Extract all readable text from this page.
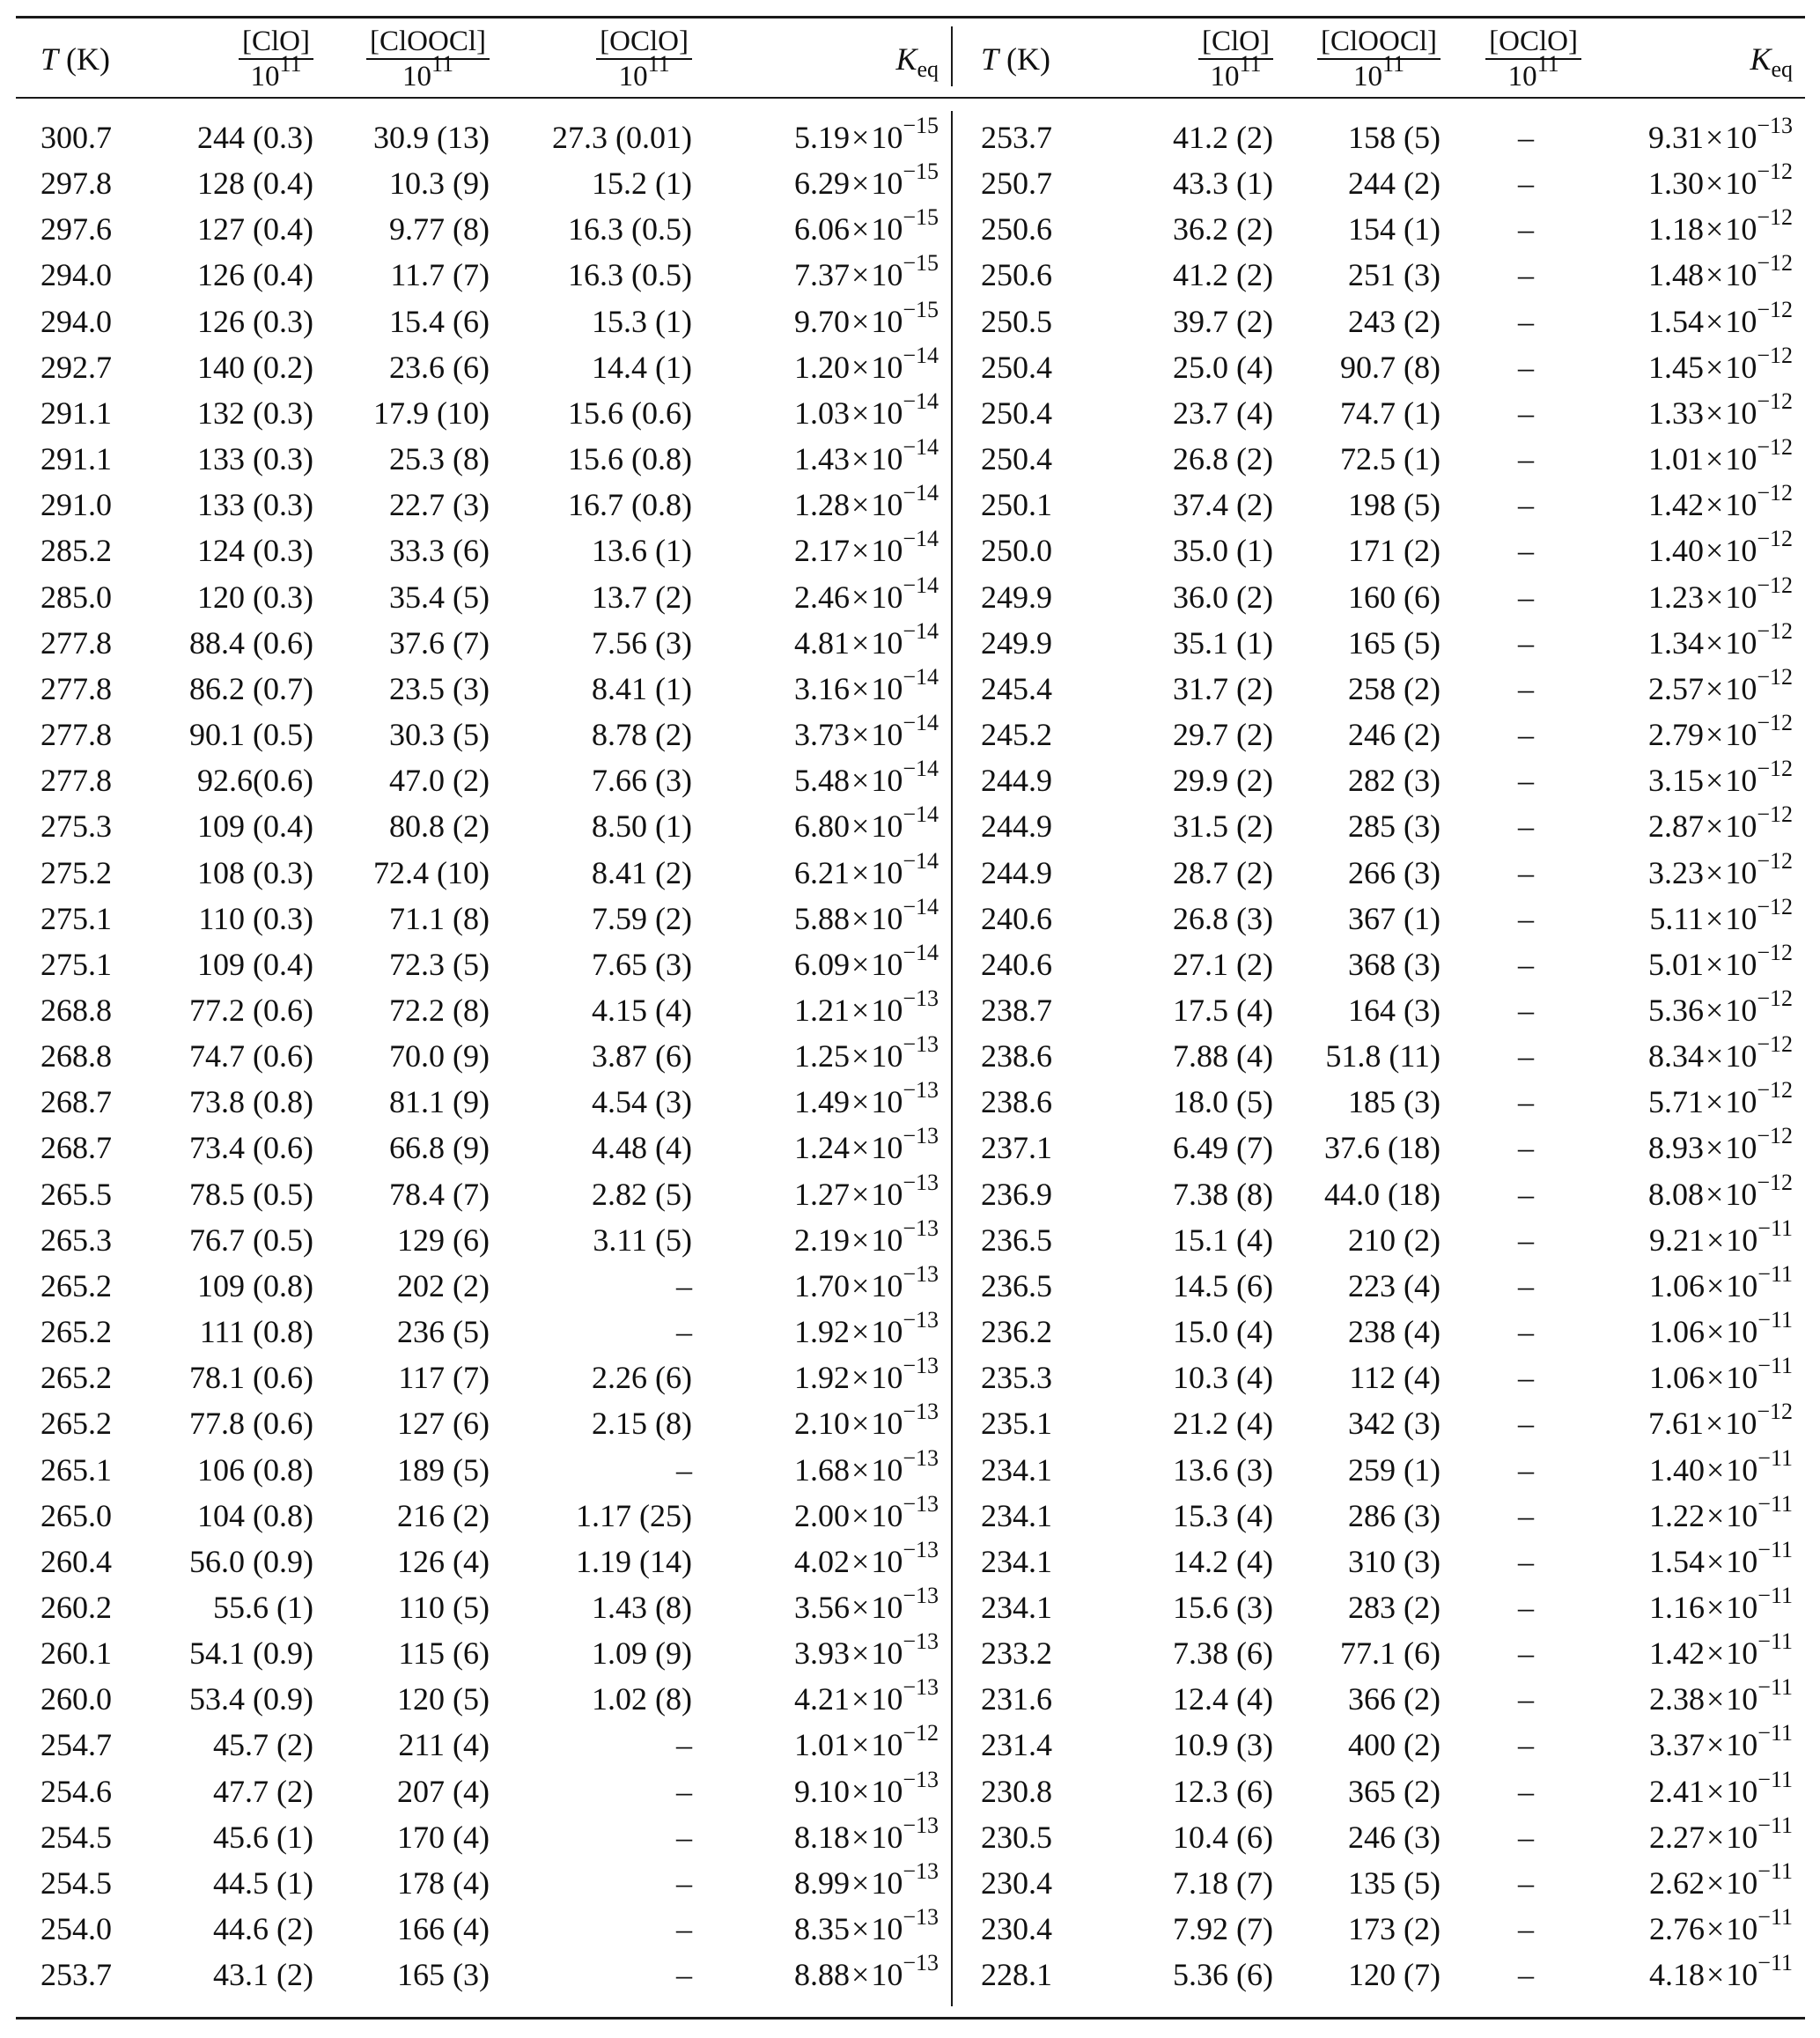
T (K)	$\frac{\text{[ClO]}}{10^{11}}$	$\frac{\text{[ClOOCl]}}{10^{11}}$	$\frac{\text{[OClO]}}{10^{11}}$	$K_{eq}$	T (K)	$\frac{\text{[ClO]}}{10^{11}}$	$\frac{\text{[ClOOCl]}}{10^{11}}$	$\frac{\text{[OClO]}}{10^{11}}$	$K_{eq}$

300.7	244 (0.3)	30.9 (13)	27.3 (0.01)	$5.19\times 10^{-15}$	253.7	41.2 (2)	158 (5)	–	$9.31\times 10^{-13}$
297.8	128 (0.4)	10.3 (9)	15.2 (1)	$6.29\times 10^{-15}$	250.7	43.3 (1)	244 (2)	–	$1.30\times 10^{-12}$
297.6	127 (0.4)	9.77 (8)	16.3 (0.5)	$6.06\times 10^{-15}$	250.6	36.2 (2)	154 (1)	–	$1.18\times 10^{-12}$
294.0	126 (0.4)	11.7 (7)	16.3 (0.5)	$7.37\times 10^{-15}$	250.6	41.2 (2)	251 (3)	–	$1.48\times 10^{-12}$
294.0	126 (0.3)	15.4 (6)	15.3 (1)	$9.70\times 10^{-15}$	250.5	39.7 (2)	243 (2)	–	$1.54\times 10^{-12}$
292.7	140 (0.2)	23.6 (6)	14.4 (1)	$1.20\times 10^{-14}$	250.4	25.0 (4)	90.7 (8)	–	$1.45\times 10^{-12}$
291.1	132 (0.3)	17.9 (10)	15.6 (0.6)	$1.03\times 10^{-14}$	250.4	23.7 (4)	74.7 (1)	–	$1.33\times 10^{-12}$
291.1	133 (0.3)	25.3 (8)	15.6 (0.8)	$1.43\times 10^{-14}$	250.4	26.8 (2)	72.5 (1)	–	$1.01\times 10^{-12}$
291.0	133 (0.3)	22.7 (3)	16.7 (0.8)	$1.28\times 10^{-14}$	250.1	37.4 (2)	198 (5)	–	$1.42\times 10^{-12}$
285.2	124 (0.3)	33.3 (6)	13.6 (1)	$2.17\times 10^{-14}$	250.0	35.0 (1)	171 (2)	–	$1.40\times 10^{-12}$
285.0	120 (0.3)	35.4 (5)	13.7 (2)	$2.46\times 10^{-14}$	249.9	36.0 (2)	160 (6)	–	$1.23\times 10^{-12}$
277.8	88.4 (0.6)	37.6 (7)	7.56 (3)	$4.81\times 10^{-14}$	249.9	35.1 (1)	165 (5)	–	$1.34\times 10^{-12}$
277.8	86.2 (0.7)	23.5 (3)	8.41 (1)	$3.16\times 10^{-14}$	245.4	31.7 (2)	258 (2)	–	$2.57\times 10^{-12}$
277.8	90.1 (0.5)	30.3 (5)	8.78 (2)	$3.73\times 10^{-14}$	245.2	29.7 (2)	246 (2)	–	$2.79\times 10^{-12}$
277.8	92.6(0.6)	47.0 (2)	7.66 (3)	$5.48\times 10^{-14}$	244.9	29.9 (2)	282 (3)	–	$3.15\times 10^{-12}$
275.3	109 (0.4)	80.8 (2)	8.50 (1)	$6.80\times 10^{-14}$	244.9	31.5 (2)	285 (3)	–	$2.87\times 10^{-12}$
275.2	108 (0.3)	72.4 (10)	8.41 (2)	$6.21\times 10^{-14}$	244.9	28.7 (2)	266 (3)	–	$3.23\times 10^{-12}$
275.1	110 (0.3)	71.1 (8)	7.59 (2)	$5.88\times 10^{-14}$	240.6	26.8 (3)	367 (1)	–	$5.11\times 10^{-12}$
275.1	109 (0.4)	72.3 (5)	7.65 (3)	$6.09\times 10^{-14}$	240.6	27.1 (2)	368 (3)	–	$5.01\times 10^{-12}$
268.8	77.2 (0.6)	72.2 (8)	4.15 (4)	$1.21\times 10^{-13}$	238.7	17.5 (4)	164 (3)	–	$5.36\times 10^{-12}$
268.8	74.7 (0.6)	70.0 (9)	3.87 (6)	$1.25\times 10^{-13}$	238.6	7.88 (4)	51.8 (11)	–	$8.34\times 10^{-12}$
268.7	73.8 (0.8)	81.1 (9)	4.54 (3)	$1.49\times 10^{-13}$	238.6	18.0 (5)	185 (3)	–	$5.71\times 10^{-12}$
268.7	73.4 (0.6)	66.8 (9)	4.48 (4)	$1.24\times 10^{-13}$	237.1	6.49 (7)	37.6 (18)	–	$8.93\times 10^{-12}$
265.5	78.5 (0.5)	78.4 (7)	2.82 (5)	$1.27\times 10^{-13}$	236.9	7.38 (8)	44.0 (18)	–	$8.08\times 10^{-12}$
265.3	76.7 (0.5)	129 (6)	3.11 (5)	$2.19\times 10^{-13}$	236.5	15.1 (4)	210 (2)	–	$9.21\times 10^{-11}$
265.2	109 (0.8)	202 (2)	–	$1.70\times 10^{-13}$	236.5	14.5 (6)	223 (4)	–	$1.06\times 10^{-11}$
265.2	111 (0.8)	236 (5)	–	$1.92\times 10^{-13}$	236.2	15.0 (4)	238 (4)	–	$1.06\times 10^{-11}$
265.2	78.1 (0.6)	117 (7)	2.26 (6)	$1.92\times 10^{-13}$	235.3	10.3 (4)	112 (4)	–	$1.06\times 10^{-11}$
265.2	77.8 (0.6)	127 (6)	2.15 (8)	$2.10\times 10^{-13}$	235.1	21.2 (4)	342 (3)	–	$7.61\times 10^{-12}$
265.1	106 (0.8)	189 (5)	–	$1.68\times 10^{-13}$	234.1	13.6 (3)	259 (1)	–	$1.40\times 10^{-11}$
265.0	104 (0.8)	216 (2)	1.17 (25)	$2.00\times 10^{-13}$	234.1	15.3 (4)	286 (3)	–	$1.22\times 10^{-11}$
260.4	56.0 (0.9)	126 (4)	1.19 (14)	$4.02\times 10^{-13}$	234.1	14.2 (4)	310 (3)	–	$1.54\times 10^{-11}$
260.2	55.6 (1)	110 (5)	1.43 (8)	$3.56\times 10^{-13}$	234.1	15.6 (3)	283 (2)	–	$1.16\times 10^{-11}$
260.1	54.1 (0.9)	115 (6)	1.09 (9)	$3.93\times 10^{-13}$	233.2	7.38 (6)	77.1 (6)	–	$1.42\times 10^{-11}$
260.0	53.4 (0.9)	120 (5)	1.02 (8)	$4.21\times 10^{-13}$	231.6	12.4 (4)	366 (2)	–	$2.38\times 10^{-11}$
254.7	45.7 (2)	211 (4)	–	$1.01\times 10^{-12}$	231.4	10.9 (3)	400 (2)	–	$3.37\times 10^{-11}$
254.6	47.7 (2)	207 (4)	–	$9.10\times 10^{-13}$	230.8	12.3 (6)	365 (2)	–	$2.41\times 10^{-11}$
254.5	45.6 (1)	170 (4)	–	$8.18\times 10^{-13}$	230.5	10.4 (6)	246 (3)	–	$2.27\times 10^{-11}$
254.5	44.5 (1)	178 (4)	–	$8.99\times 10^{-13}$	230.4	7.18 (7)	135 (5)	–	$2.62\times 10^{-11}$
254.0	44.6 (2)	166 (4)	–	$8.35\times 10^{-13}$	230.4	7.92 (7)	173 (2)	–	$2.76\times 10^{-11}$
253.7	43.1 (2)	165 (3)	–	$8.88\times 10^{-13}$	228.1	5.36 (6)	120 (7)	–	$4.18\times 10^{-11}$
